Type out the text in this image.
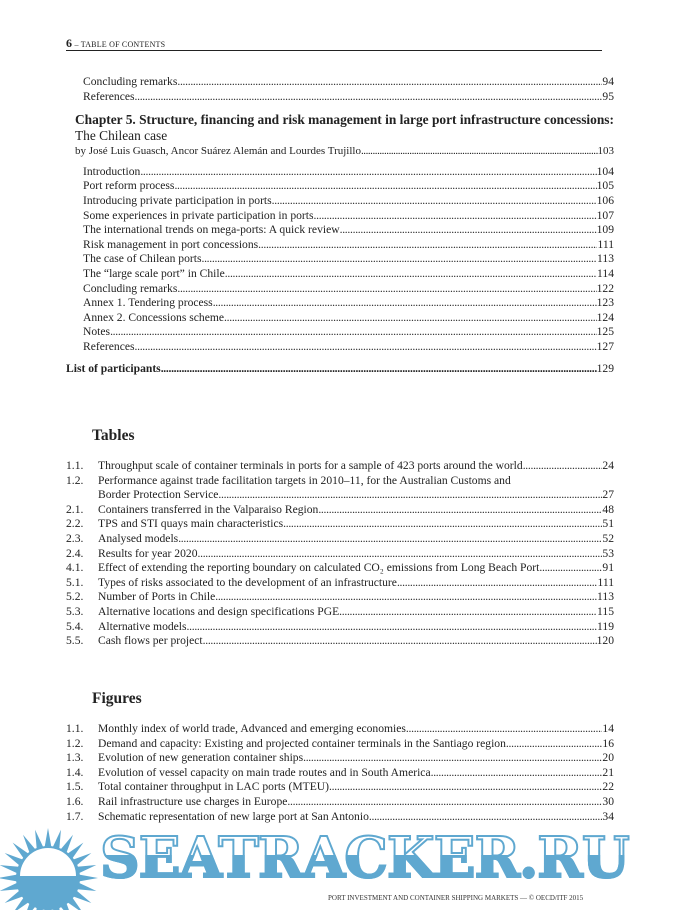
6 – TABLE OF CONTENTS
Concluding remarks . . .	94
References . . .	95
Chapter 5. Structure, financing and risk management in large port infrastructure concessions: The Chilean case
by José Luis Guasch, Ancor Suárez Alemán and Lourdes Trujillo . . .	103
Introduction . . .	104
Port reform process . . .	105
Introducing private participation in ports . . .	106
Some experiences in private participation in ports . . .	107
The international trends on mega-ports: A quick review . . .	109
Risk management in port concessions . . .	111
The case of Chilean ports . . .	113
The “large scale port” in Chile . . .	114
Concluding remarks . . .	122
Annex 1. Tendering process . . .	123
Annex 2. Concessions scheme . . .	124
Notes . . .	125
References . . .	127
List of participants . . .	129
Tables
1.1.	Throughput scale of container terminals in ports for a sample of 423 ports around the world . . .	24
1.2.	Performance against trade facilitation targets in 2010–11, for the Australian Customs and
Border Protection Service . . .	27
2.1.	Containers transferred in the Valparaiso Region . . .	48
2.2.	TPS and STI quays main characteristics . . .	51
2.3.	Analysed models . . .	52
2.4.	Results for year 2020 . . .	53
4.1.	Effect of extending the reporting boundary on calculated CO₂ emissions from Long Beach Port . . .	91
5.1.	Types of risks associated to the development of an infrastructure . . .	111
5.2.	Number of Ports in Chile . . .	113
5.3.	Alternative locations and design specifications PGE . . .	115
5.4.	Alternative models . . .	119
5.5.	Cash flows per project . . .	120
Figures
1.1.	Monthly index of world trade, Advanced and emerging economies . . .	14
1.2.	Demand and capacity: Existing and projected container terminals in the Santiago region . . .	16
1.3.	Evolution of new generation container ships . . .	20
1.4.	Evolution of vessel capacity on main trade routes and in South America . . .	21
1.5.	Total container throughput in LAC ports (MTEU) . . .	22
1.6.	Rail infrastructure use charges in Europe . . .	30
1.7.	Schematic representation of new large port at San Antonio . . .	34
SEATRACKER.RU
PORT INVESTMENT AND CONTAINER SHIPPING MARKETS — © OECD/ITF 2015
